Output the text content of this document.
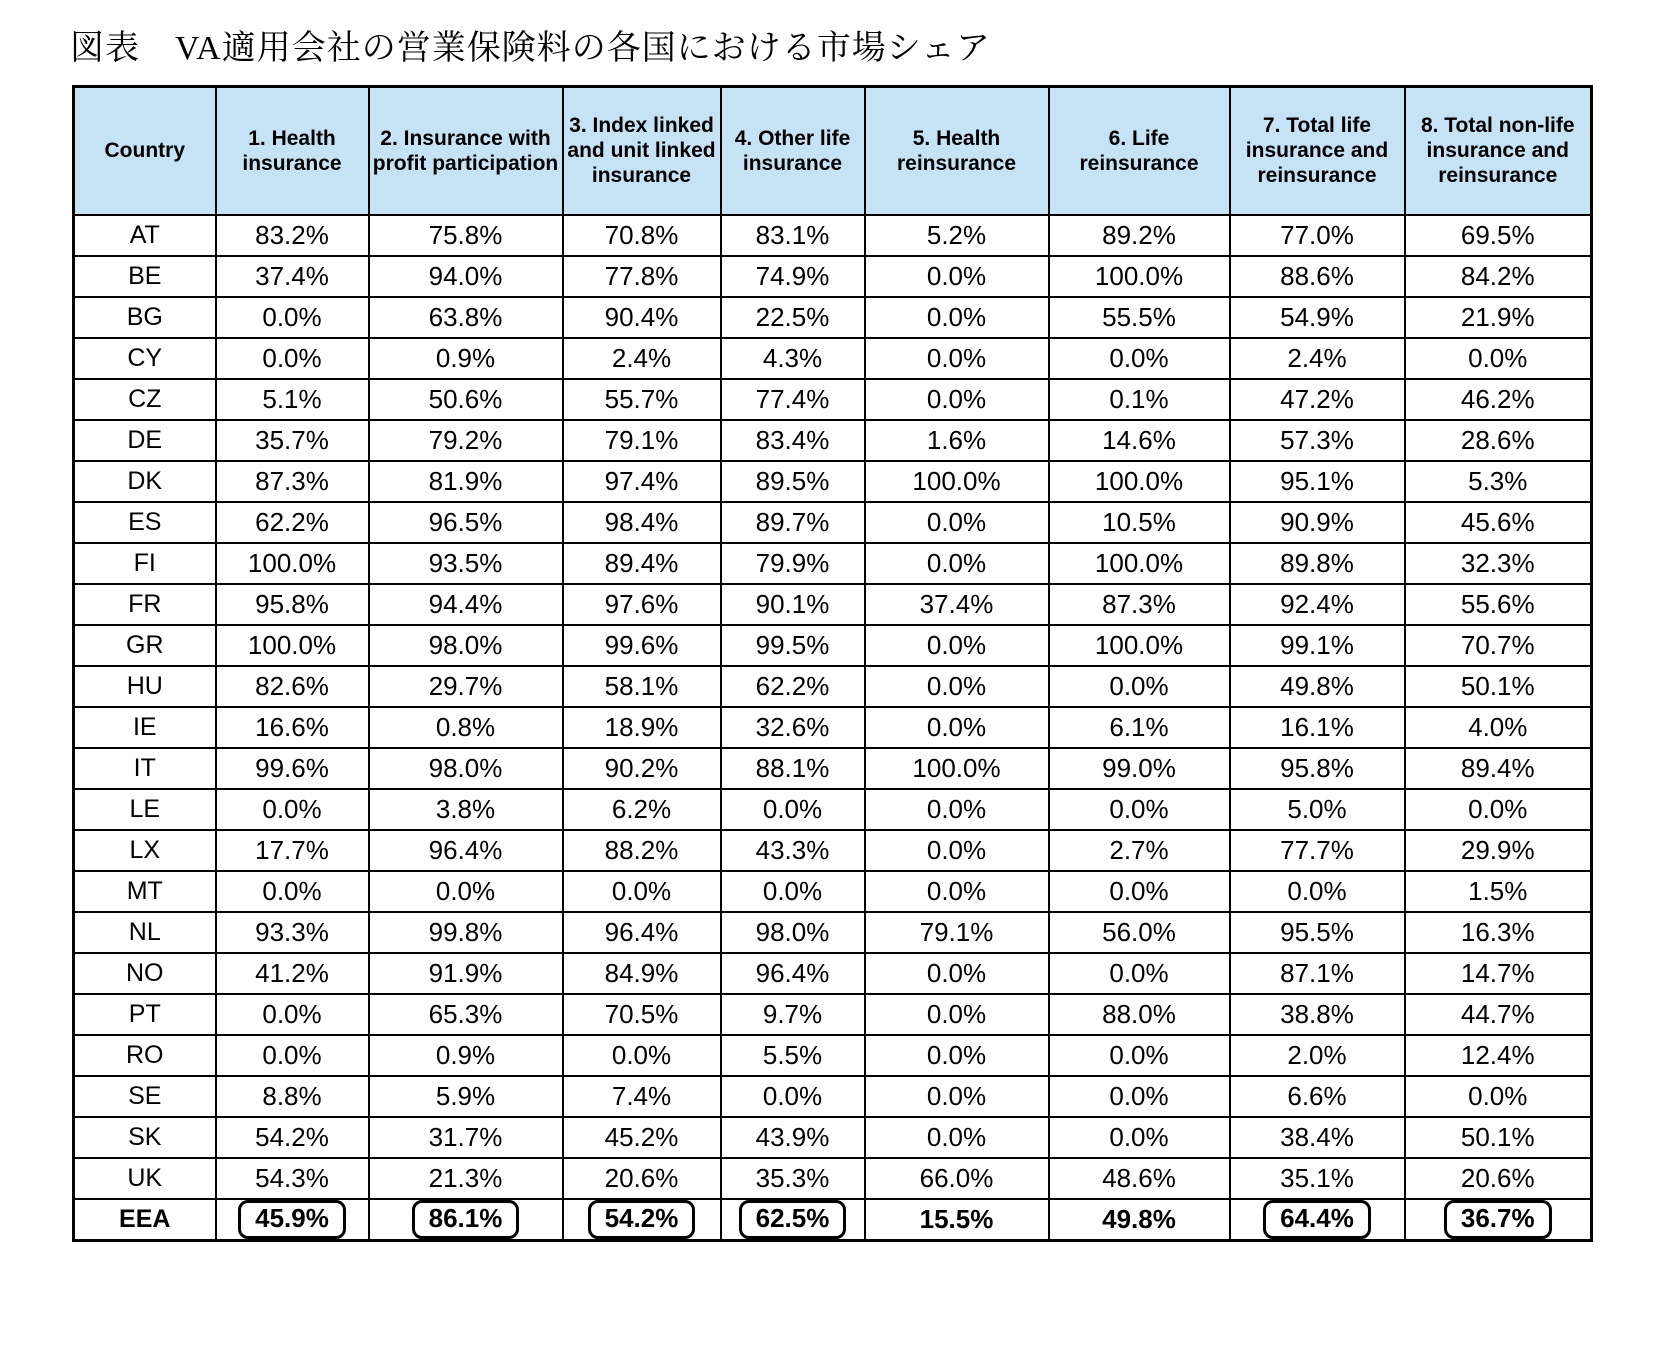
図表　VA適用会社の営業保険料の各国における市場シェア
Country	1. Health insurance	2. Insurance with profit participation	3. Index linked and unit linked insurance	4. Other life insurance	5. Health reinsurance	6. Life reinsurance	7. Total life insurance and reinsurance	8. Total non-life insurance and reinsurance
AT	83.2%	75.8%	70.8%	83.1%	5.2%	89.2%	77.0%	69.5%
BE	37.4%	94.0%	77.8%	74.9%	0.0%	100.0%	88.6%	84.2%
BG	0.0%	63.8%	90.4%	22.5%	0.0%	55.5%	54.9%	21.9%
CY	0.0%	0.9%	2.4%	4.3%	0.0%	0.0%	2.4%	0.0%
CZ	5.1%	50.6%	55.7%	77.4%	0.0%	0.1%	47.2%	46.2%
DE	35.7%	79.2%	79.1%	83.4%	1.6%	14.6%	57.3%	28.6%
DK	87.3%	81.9%	97.4%	89.5%	100.0%	100.0%	95.1%	5.3%
ES	62.2%	96.5%	98.4%	89.7%	0.0%	10.5%	90.9%	45.6%
FI	100.0%	93.5%	89.4%	79.9%	0.0%	100.0%	89.8%	32.3%
FR	95.8%	94.4%	97.6%	90.1%	37.4%	87.3%	92.4%	55.6%
GR	100.0%	98.0%	99.6%	99.5%	0.0%	100.0%	99.1%	70.7%
HU	82.6%	29.7%	58.1%	62.2%	0.0%	0.0%	49.8%	50.1%
IE	16.6%	0.8%	18.9%	32.6%	0.0%	6.1%	16.1%	4.0%
IT	99.6%	98.0%	90.2%	88.1%	100.0%	99.0%	95.8%	89.4%
LE	0.0%	3.8%	6.2%	0.0%	0.0%	0.0%	5.0%	0.0%
LX	17.7%	96.4%	88.2%	43.3%	0.0%	2.7%	77.7%	29.9%
MT	0.0%	0.0%	0.0%	0.0%	0.0%	0.0%	0.0%	1.5%
NL	93.3%	99.8%	96.4%	98.0%	79.1%	56.0%	95.5%	16.3%
NO	41.2%	91.9%	84.9%	96.4%	0.0%	0.0%	87.1%	14.7%
PT	0.0%	65.3%	70.5%	9.7%	0.0%	88.0%	38.8%	44.7%
RO	0.0%	0.9%	0.0%	5.5%	0.0%	0.0%	2.0%	12.4%
SE	8.8%	5.9%	7.4%	0.0%	0.0%	0.0%	6.6%	0.0%
SK	54.2%	31.7%	45.2%	43.9%	0.0%	0.0%	38.4%	50.1%
UK	54.3%	21.3%	20.6%	35.3%	66.0%	48.6%	35.1%	20.6%
EEA	45.9%	86.1%	54.2%	62.5%	15.5%	49.8%	64.4%	36.7%
